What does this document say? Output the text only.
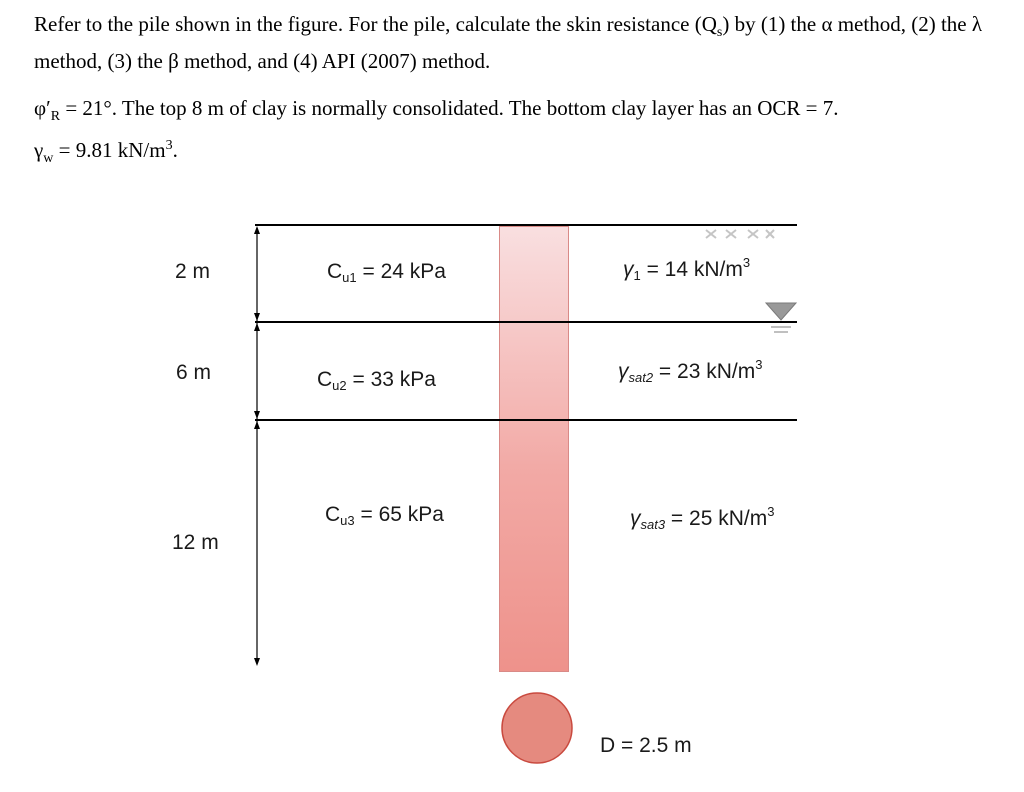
Refer to the pile shown in the figure. For the pile, calculate the skin resistance $(Q_s)$ by (1) the α method, (2) the λ method, (3) the β method, and (4) API (2007) method.

$\varphi'_R = 21^\circ$. The top 8 m of clay is normally consolidated. The bottom clay layer has an OCR = 7.
$\gamma_w = 9.81$ $kN/m^3$.

2 m	$C_{u1} = 24$ kPa	$\gamma_1 = 14$ $kN/m^3$
6 m	$C_{u2} = 33$ kPa	$\gamma_{sat2} = 23$ $kN/m^3$
12 m
$C_{u3} = 65$ kPa	$\gamma_{sat3} = 25$ $kN/m^3$
D = 2.5 m
